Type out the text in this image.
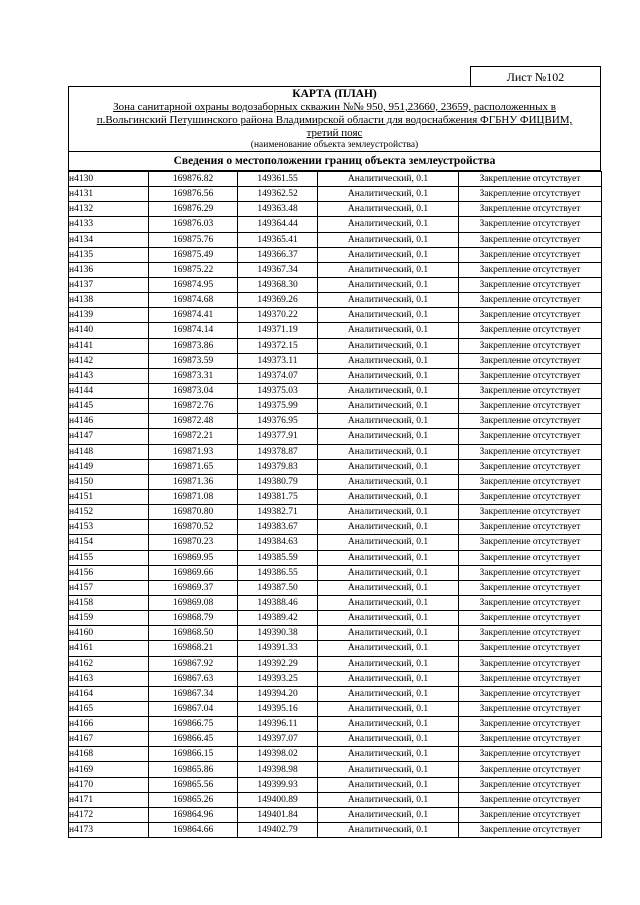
Лист №102
КАРТА (ПЛАН)
Зона санитарной охраны водозаборных скважин №№ 950, 951,23660, 23659, расположенных в
п.Вольгинский Петушинского района Владимирской области для водоснабжения ФГБНУ ФИЦВИМ,
третий пояс
(наименование объекта землеустройства)
Сведения о местоположении границ объекта землеустройства
н4130	169876.82	149361.55	Аналитический, 0.1	Закрепление отсутствует
н4131	169876.56	149362.52	Аналитический, 0.1	Закрепление отсутствует
н4132	169876.29	149363.48	Аналитический, 0.1	Закрепление отсутствует
н4133	169876.03	149364.44	Аналитический, 0.1	Закрепление отсутствует
н4134	169875.76	149365.41	Аналитический, 0.1	Закрепление отсутствует
н4135	169875.49	149366.37	Аналитический, 0.1	Закрепление отсутствует
н4136	169875.22	149367.34	Аналитический, 0.1	Закрепление отсутствует
н4137	169874.95	149368.30	Аналитический, 0.1	Закрепление отсутствует
н4138	169874.68	149369.26	Аналитический, 0.1	Закрепление отсутствует
н4139	169874.41	149370.22	Аналитический, 0.1	Закрепление отсутствует
н4140	169874.14	149371.19	Аналитический, 0.1	Закрепление отсутствует
н4141	169873.86	149372.15	Аналитический, 0.1	Закрепление отсутствует
н4142	169873.59	149373.11	Аналитический, 0.1	Закрепление отсутствует
н4143	169873.31	149374.07	Аналитический, 0.1	Закрепление отсутствует
н4144	169873.04	149375.03	Аналитический, 0.1	Закрепление отсутствует
н4145	169872.76	149375.99	Аналитический, 0.1	Закрепление отсутствует
н4146	169872.48	149376.95	Аналитический, 0.1	Закрепление отсутствует
н4147	169872.21	149377.91	Аналитический, 0.1	Закрепление отсутствует
н4148	169871.93	149378.87	Аналитический, 0.1	Закрепление отсутствует
н4149	169871.65	149379.83	Аналитический, 0.1	Закрепление отсутствует
н4150	169871.36	149380.79	Аналитический, 0.1	Закрепление отсутствует
н4151	169871.08	149381.75	Аналитический, 0.1	Закрепление отсутствует
н4152	169870.80	149382.71	Аналитический, 0.1	Закрепление отсутствует
н4153	169870.52	149383.67	Аналитический, 0.1	Закрепление отсутствует
н4154	169870.23	149384.63	Аналитический, 0.1	Закрепление отсутствует
н4155	169869.95	149385.59	Аналитический, 0.1	Закрепление отсутствует
н4156	169869.66	149386.55	Аналитический, 0.1	Закрепление отсутствует
н4157	169869.37	149387.50	Аналитический, 0.1	Закрепление отсутствует
н4158	169869.08	149388.46	Аналитический, 0.1	Закрепление отсутствует
н4159	169868.79	149389.42	Аналитический, 0.1	Закрепление отсутствует
н4160	169868.50	149390.38	Аналитический, 0.1	Закрепление отсутствует
н4161	169868.21	149391.33	Аналитический, 0.1	Закрепление отсутствует
н4162	169867.92	149392.29	Аналитический, 0.1	Закрепление отсутствует
н4163	169867.63	149393.25	Аналитический, 0.1	Закрепление отсутствует
н4164	169867.34	149394.20	Аналитический, 0.1	Закрепление отсутствует
н4165	169867.04	149395.16	Аналитический, 0.1	Закрепление отсутствует
н4166	169866.75	149396.11	Аналитический, 0.1	Закрепление отсутствует
н4167	169866.45	149397.07	Аналитический, 0.1	Закрепление отсутствует
н4168	169866.15	149398.02	Аналитический, 0.1	Закрепление отсутствует
н4169	169865.86	149398.98	Аналитический, 0.1	Закрепление отсутствует
н4170	169865.56	149399.93	Аналитический, 0.1	Закрепление отсутствует
н4171	169865.26	149400.89	Аналитический, 0.1	Закрепление отсутствует
н4172	169864.96	149401.84	Аналитический, 0.1	Закрепление отсутствует
н4173	169864.66	149402.79	Аналитический, 0.1	Закрепление отсутствует
